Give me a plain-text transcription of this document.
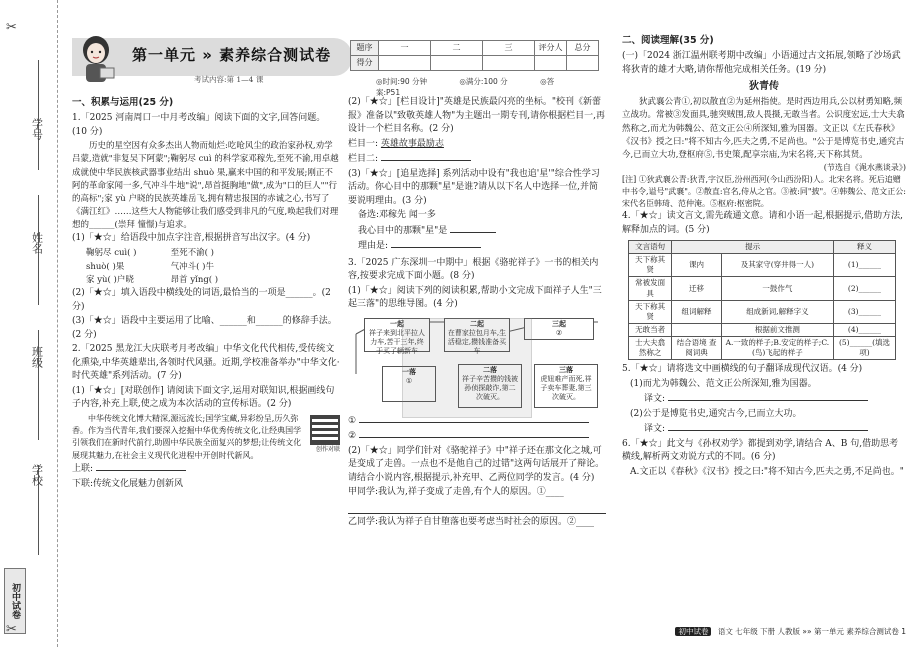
✂
学号
姓名
班级
学校
初中试卷
✂
第一单元 » 素养综合测试卷
考试内容:第 1—4 课
题序	一	二	三	评分人	总分
得分					
◎时间:90 分钟	◎满分:100 分	◎答案:P51
一、积累与运用(25 分)
1.「2025 河南周口一中月考改编」阅读下面的文字,回答问题。(10 分)
历史的星空因有众多杰出人物而灿烂:吃呛风尘的政治家孙权,劝学吕蒙,造就"非复吴下阿蒙";鞠躬尽 cuì 的科学家邓稼先,至死不渝,用卓越成就使中华民族核武器事业结出 shuò 果,赢来中国的和平发展;刚正不阿的革命家闻一多,气冲斗牛地"说",昂首挺胸地"做",成为"口的巨人""行的高标";家 yù 户晓的民族英雄岳飞,拥有精忠报国的赤诚之心,书写了《满江红》……这些大人物能够让我们感受到非凡的气度,唤起我们对理想的______(崇拜 憧憬)与追求。
(1)「★☆」给语段中加点字注音,根据拼音写出汉字。(4 分)
鞠躬尽 cuì( )	至死不渝( )
shuò( )果	气冲斗( )牛
家 yù( )户晓	昂首 yǐng( )
(2)「★☆」填入语段中横线处的词语,最恰当的一项是______。(2 分)
(3)「★☆」语段中主要运用了比喻、______和______的修辞手法。(2 分)
2.「2025 黑龙江大庆联考月考改编」中华文化代代相传,受传统文化熏染,中华英雄辈出,各领时代风骚。近期,学校准备举办"中华文化·时代英雄"系列活动。(7 分)
(1)「★☆」[对联创作] 请阅读下面文字,运用对联知识,根据画线句子内容,补充上联,使之成为本次活动的宣传标语。(2 分)
创作对联
中华传统文化博大精深,源远流长;国学宝藏,异彩纷呈,历久弥香。作为当代青年,我们要深入挖掘中华优秀传统文化,让经典国学引领我们在新时代前行,助圆中华民族全面复兴的梦想;让传统文化展现其魅力,在社会主义现代化进程中开创时代新风。
上联:
下联:传统文化展魅力创新风
(2)「★☆」[栏目设计]"英雄是民族最闪亮的坐标。"校刊《新蕾报》准备以"致敬英雄人物"为主题出一期专刊,请你根据栏目一,再设计一个栏目名称。(2 分)
栏目一: 英雄故事最励志
栏目二:
(3)「★☆」[追星选择] 系列活动中设有"我也追'星'"综合性学习活动。你心目中的那颗"星"是谁?请从以下名人中选择一位,并简要说明理由。(3 分)
备选:邓稼先 闻一多
我心目中的那颗"星"是
理由是:
3.「2025 广东深圳一中期中」根据《骆驼祥子》一书的相关内容,按要求完成下面小题。(8 分)
(1)「★☆」阅读下列的阅读积累,帮助小文完成下面祥子人生"三起三落"的思维导图。(4 分)
一起
祥子来到北平拉人力车,苦干三年,终于买了辆新车
二起
在曹家拉包月车,生活稳定,攒钱准备买车
三起
②
一落
①
二落
祥子辛苦攒的钱被孙侦探敲诈,第二次破灭。
三落
虎妞难产而死,祥子卖车葬妻,第三次破灭。
①
②
(2)「★☆」同学们针对《骆驼祥子》中"祥子还在那文化之城,可是变成了走兽。一点也不是他自己的过错"这两句话展开了辩论。请结合小说内容,根据提示,补充甲、乙两位同学的发言。(4 分)
甲同学:我认为,祥子变成了走兽,有个人的原因。①____
乙同学:我认为祥子自甘堕落也要考虑当时社会的原因。②____
二、阅读理解(35 分)
(一)「2024 浙江温州联考期中改编」小语通过古文拓展,领略了沙场武将狄青的雄才大略,请你帮他完成相关任务。(19 分)
狄青传
狄武襄公青①,初以散直②为延州指使。是时西边用兵,公以材勇知略,频立战功。常被③发面具,驰突贼围,敌人畏摄,无敢当者。公识度宏远,士大夫翕然称之,而尤为韩魏公、范文正公④所深知,雅为国器。文正以《左氏春秋》《汉书》授之曰:"将不知古今,匹夫之勇,不足尚也。"公于是博览书史,通究古今,已而立大功,登枢府⑤,书史策,配享宗庙,为宋名将,天下称其贤。
(节选自《渑水燕谈录》)
[注] ①狄武襄公青:狄青,字汉臣,汾州西河(今山西汾阳)人。北宋名将。死后追赠中书令,谥号"武襄"。②散直:官名,侍从之官。③被:同"披"。④韩魏公、范文正公:宋代名臣韩琦、范仲淹。⑤枢府:枢密院。
4.「★☆」读文言文,需先疏通文意。请和小语一起,根据提示,借助方法,解释加点的词。(5 分)
文言语句	提示		释义
天下称其贤	课内	及其家守(穿井得一人)	(1)______
常被发面具	迁移	一鼓作气	(2)______
天下称其贤	组词解释	组成新词,解释字义	(3)______
无敢当者		根据前文推测	(4)______
士大夫翕然称之	结合语境 查阅词典	A.一致的样子;B.安定的样子;C.(鸟)飞起的样子	(5)______(填选项)
5.「★☆」请将选文中画横线的句子翻译成现代汉语。(4 分)
(1)而尤为韩魏公、范文正公所深知,雅为国器。
译文:
(2)公于是博览书史,通究古今,已而立大功。
译文:
6.「★☆」此文与《孙权劝学》都提到劝学,请结合 A、B 句,借助思考横线,解析两文劝说方式的不同。(6 分)
A.文正以《春秋》《汉书》授之曰:"将不知古今,匹夫之勇,不足尚也。"
初中试卷 语文 七年级 下册 人教版 »» 第一单元 素养综合测试卷 1
